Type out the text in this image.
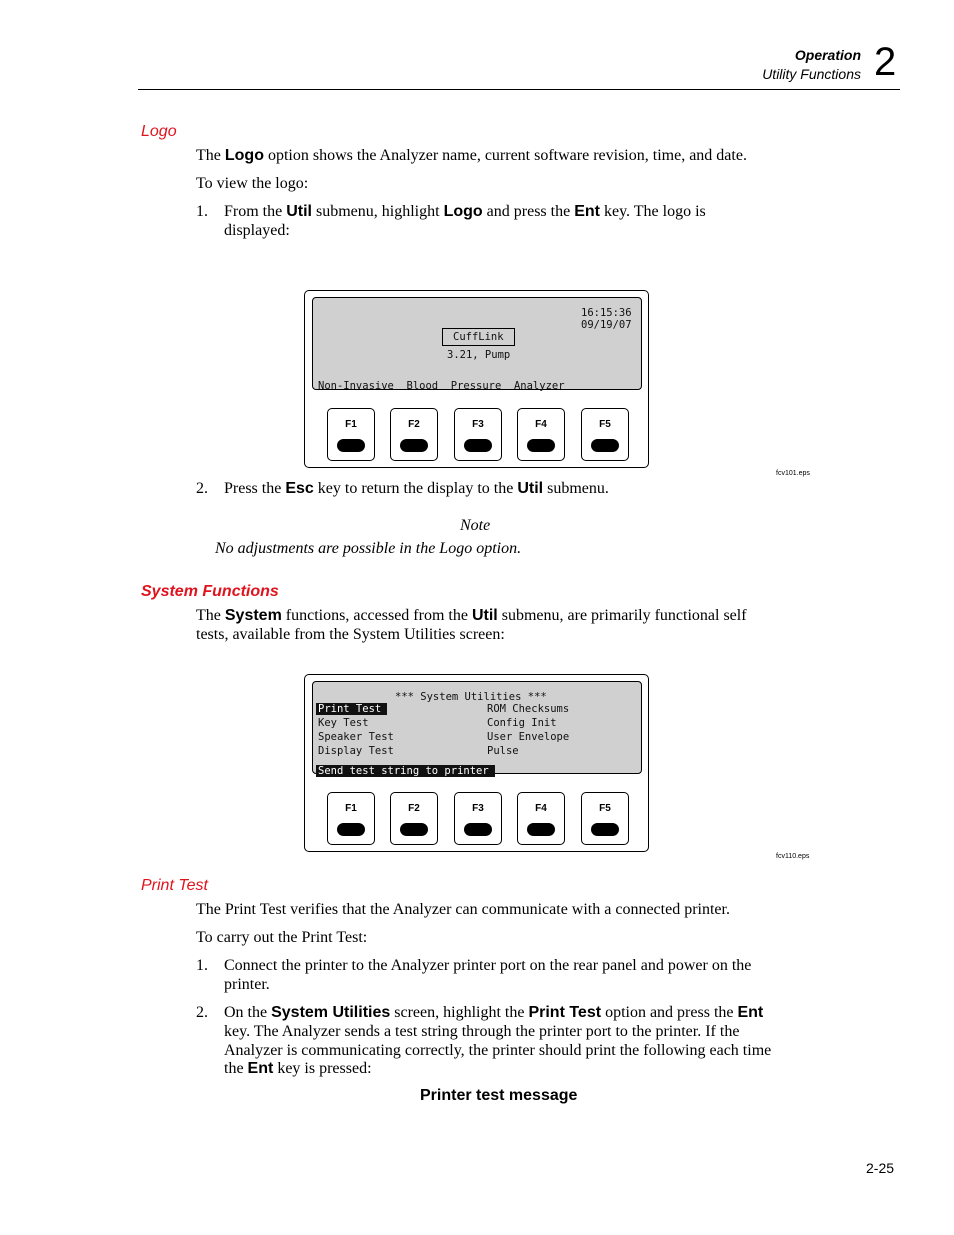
Operation
Utility Functions 2
Logo
The Logo option shows the Analyzer name, current software revision, time, and date.
To view the logo:
1. From the Util submenu, highlight Logo and press the Ent key. The logo is
displayed:
16:15:36
09/19/07
CuffLink
3.21, Pump
Non-Invasive  Blood  Pressure  Analyzer
F1	F2	F3	F4	F5
fcv101.eps
2. Press the Esc key to return the display to the Util submenu.
Note
No adjustments are possible in the Logo option.
System Functions
The System functions, accessed from the Util submenu, are primarily functional self
tests, available from the System Utilities screen:
*** System Utilities ***
Print Test
Key Test
Speaker Test
Display Test
ROM Checksums
Config Init
User Envelope
Pulse
Send test string to printer
F1	F2	F3	F4	F5
fcv110.eps
Print Test
The Print Test verifies that the Analyzer can communicate with a connected printer.
To carry out the Print Test:
1. Connect the printer to the Analyzer printer port on the rear panel and power on the
printer.
2. On the System Utilities screen, highlight the Print Test option and press the Ent
key. The Analyzer sends a test string through the printer port to the printer. If the
Analyzer is communicating correctly, the printer should print the following each time
the Ent key is pressed:
Printer test message
2-25
